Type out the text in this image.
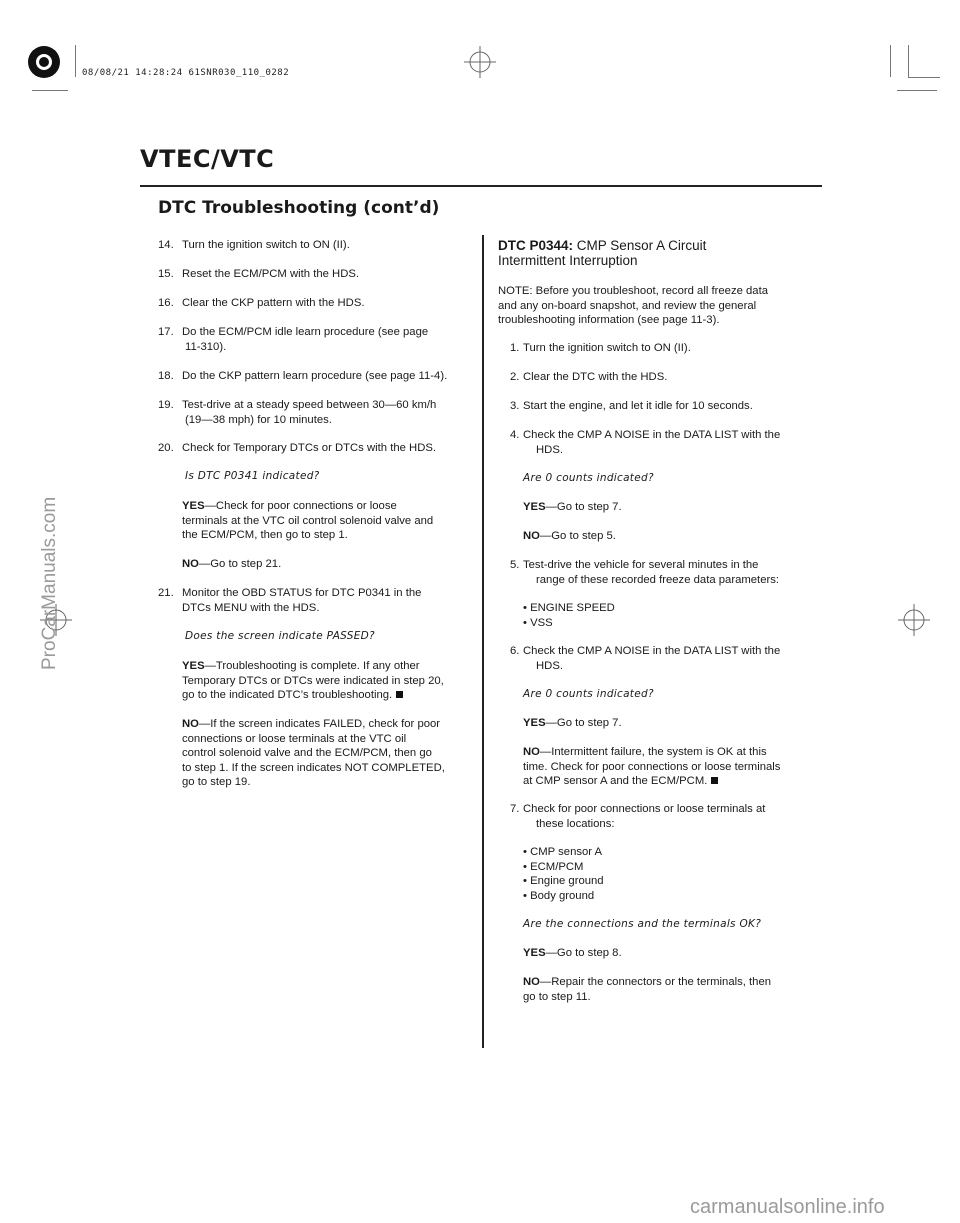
08/08/21 14:28:24 61SNR030_110_0282
VTEC/VTC
DTC Troubleshooting (cont’d)
14. Turn the ignition switch to ON (II).
15. Reset the ECM/PCM with the HDS.
16. Clear the CKP pattern with the HDS.
17. Do the ECM/PCM idle learn procedure (see page
11-310).
18. Do the CKP pattern learn procedure (see page 11-4).
19. Test-drive at a steady speed between 30—60 km/h
(19—38 mph) for 10 minutes.
20. Check for Temporary DTCs or DTCs with the HDS.
Is DTC P0341 indicated?
YES—Check for poor connections or loose
terminals at the VTC oil control solenoid valve and
the ECM/PCM, then go to step 1.
NO—Go to step 21.
21. Monitor the OBD STATUS for DTC P0341 in the
DTCs MENU with the HDS.
Does the screen indicate PASSED?
YES—Troubleshooting is complete. If any other
Temporary DTCs or DTCs were indicated in step 20,
go to the indicated DTC’s troubleshooting.
NO—If the screen indicates FAILED, check for poor
connections or loose terminals at the VTC oil
control solenoid valve and the ECM/PCM, then go
to step 1. If the screen indicates NOT COMPLETED,
go to step 19.
DTC P0344: CMP Sensor A Circuit
Intermittent Interruption
NOTE: Before you troubleshoot, record all freeze data
and any on-board snapshot, and review the general
troubleshooting information (see page 11-3).
1. Turn the ignition switch to ON (II).
2. Clear the DTC with the HDS.
3. Start the engine, and let it idle for 10 seconds.
4. Check the CMP A NOISE in the DATA LIST with the
HDS.
Are 0 counts indicated?
YES—Go to step 7.
NO—Go to step 5.
5. Test-drive the vehicle for several minutes in the
range of these recorded freeze data parameters:
• ENGINE SPEED
• VSS
6. Check the CMP A NOISE in the DATA LIST with the
HDS.
Are 0 counts indicated?
YES—Go to step 7.
NO—Intermittent failure, the system is OK at this
time. Check for poor connections or loose terminals
at CMP sensor A and the ECM/PCM.
7. Check for poor connections or loose terminals at
these locations:
• CMP sensor A
• ECM/PCM
• Engine ground
• Body ground
Are the connections and the terminals OK?
YES—Go to step 8.
NO—Repair the connectors or the terminals, then
go to step 11.
ProCarManuals.com
carmanualsonline.info
